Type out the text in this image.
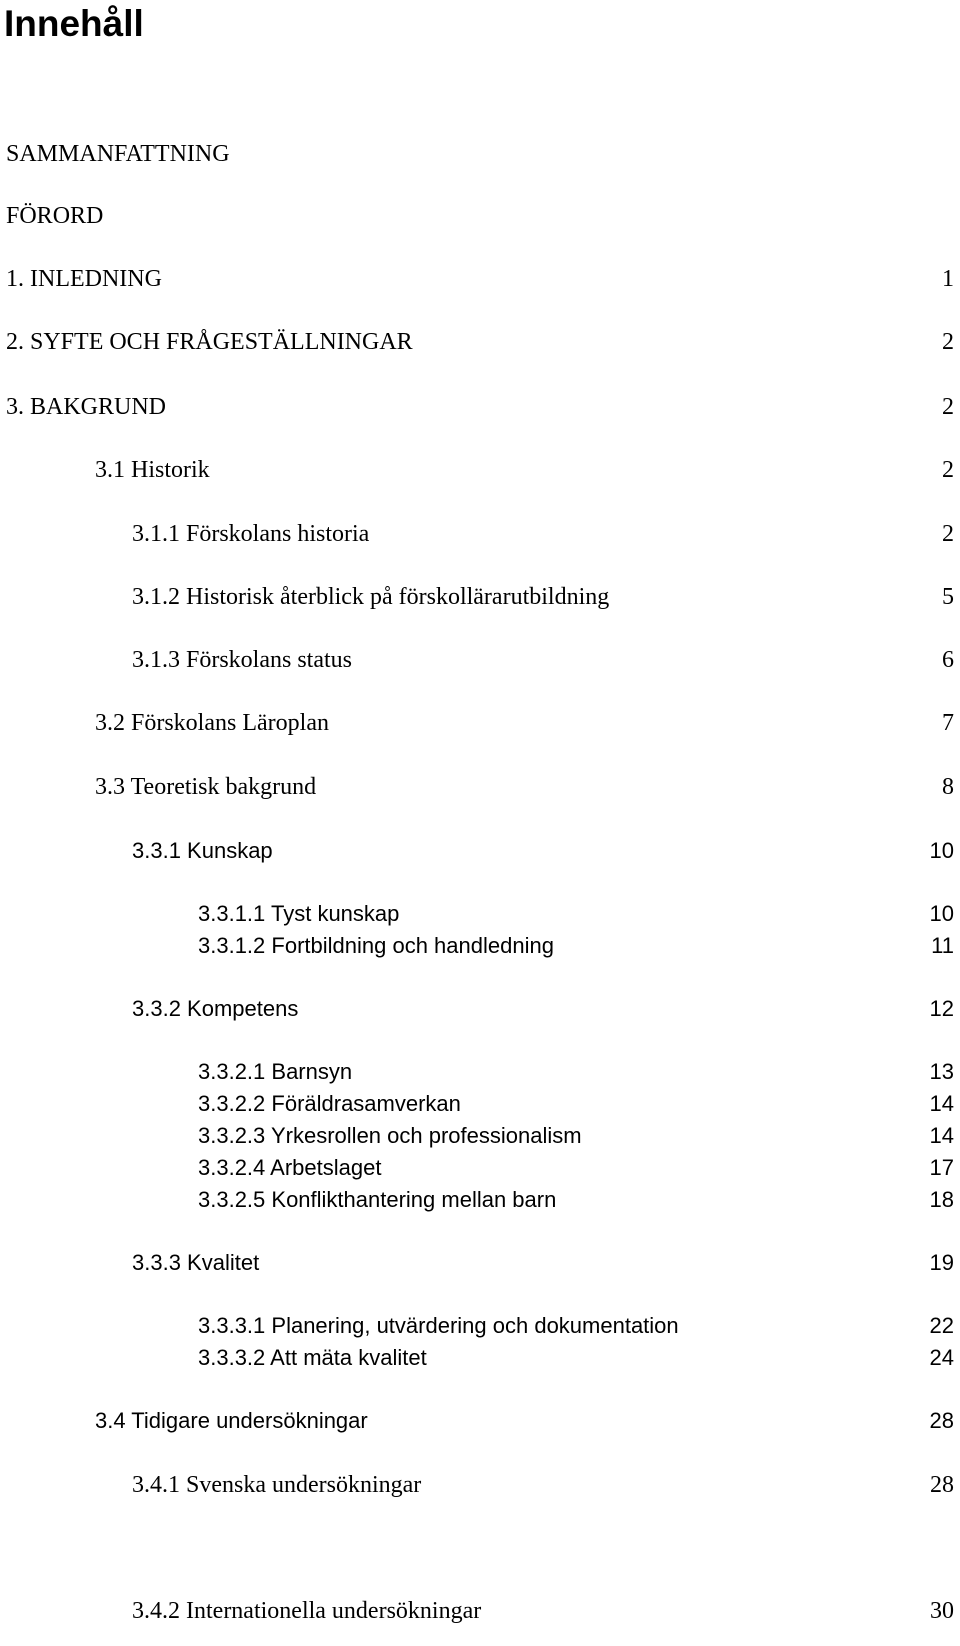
Innehåll
SAMMANFATTNING
FÖRORD
1. INLEDNING	1
2. SYFTE OCH FRÅGESTÄLLNINGAR	2
3. BAKGRUND	2
3.1 Historik	2
3.1.1 Förskolans historia	2
3.1.2 Historisk återblick på förskollärarutbildning	5
3.1.3 Förskolans status	6
3.2 Förskolans Läroplan	7
3.3 Teoretisk bakgrund	8
3.3.1 Kunskap	10
3.3.1.1 Tyst kunskap	10
3.3.1.2 Fortbildning och handledning	11
3.3.2 Kompetens	12
3.3.2.1 Barnsyn	13
3.3.2.2 Föräldrasamverkan	14
3.3.2.3 Yrkesrollen och professionalism	14
3.3.2.4 Arbetslaget	17
3.3.2.5 Konflikthantering mellan barn	18
3.3.3 Kvalitet	19
3.3.3.1 Planering, utvärdering och dokumentation	22
3.3.3.2 Att mäta kvalitet	24
3.4 Tidigare undersökningar	28
3.4.1 Svenska undersökningar	28
3.4.2 Internationella undersökningar	30
